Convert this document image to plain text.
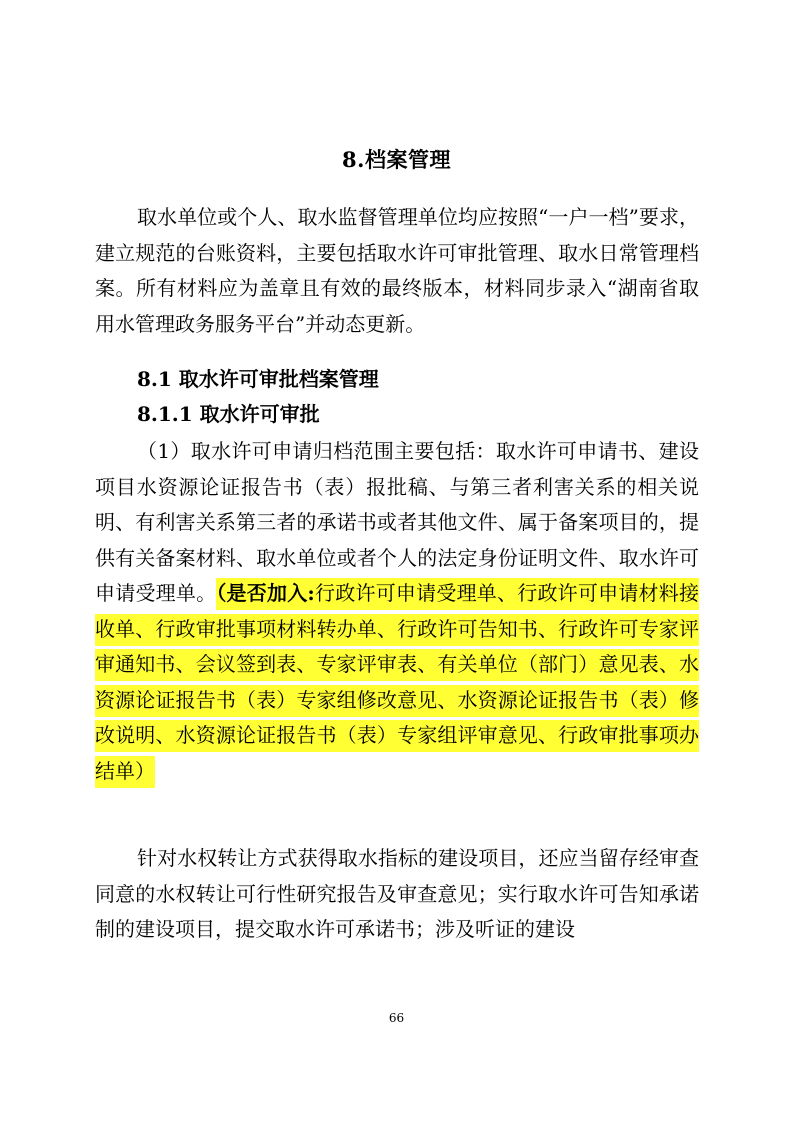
8.档案管理
取水单位或个人、取水监督管理单位均应按照“一户一档”要求，建立规范的台账资料，主要包括取水许可审批管理、取水日常管理档案。所有材料应为盖章且有效的最终版本，材料同步录入“湖南省取用水管理政务服务平台”并动态更新。
8.1 取水许可审批档案管理
8.1.1 取水许可审批
（1）取水许可申请归档范围主要包括：取水许可申请书、建设项目水资源论证报告书（表）报批稿、与第三者利害关系的相关说明、有利害关系第三者的承诺书或者其他文件、属于备案项目的，提供有关备案材料、取水单位或者个人的法定身份证明文件、取水许可申请受理单。（是否加入:行政许可申请受理单、行政许可申请材料接收单、行政审批事项材料转办单、行政许可告知书、行政许可专家评审通知书、会议签到表、专家评审表、有关单位（部门）意见表、水资源论证报告书（表）专家组修改意见、水资源论证报告书（表）修改说明、水资源论证报告书（表）专家组评审意见、行政审批事项办结单）
针对水权转让方式获得取水指标的建设项目，还应当留存经审查同意的水权转让可行性研究报告及审查意见；实行取水许可告知承诺制的建设项目，提交取水许可承诺书；涉及听证的建设
66
